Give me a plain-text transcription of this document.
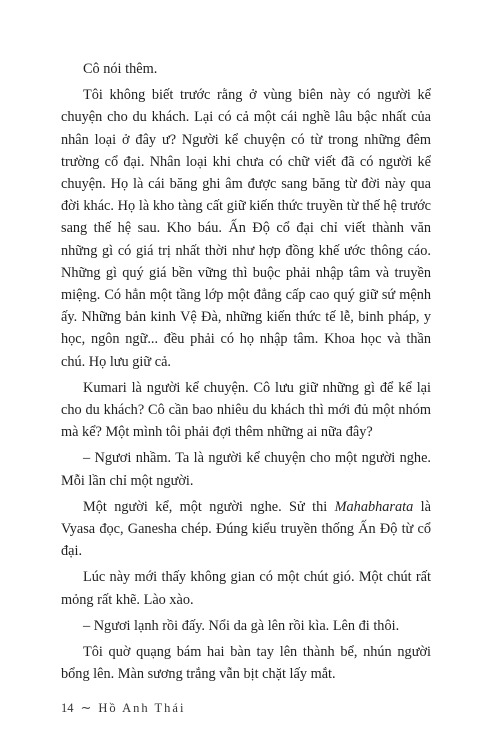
Cô nói thêm.

Tôi không biết trước rằng ở vùng biên này có người kể chuyện cho du khách. Lại có cả một cái nghề lâu bậc nhất của nhân loại ở đây ư? Người kể chuyện có từ trong những đêm trường cổ đại. Nhân loại khi chưa có chữ viết đã có người kể chuyện. Họ là cái băng ghi âm được sang băng từ đời này qua đời khác. Họ là kho tàng cất giữ kiến thức truyền từ thế hệ trước sang thế hệ sau. Kho báu. Ấn Độ cổ đại chỉ viết thành văn những gì có giá trị nhất thời như hợp đồng khế ước thông cáo. Những gì quý giá bền vững thì buộc phải nhập tâm và truyền miệng. Có hẳn một tầng lớp một đẳng cấp cao quý giữ sứ mệnh ấy. Những bản kinh Vệ Đà, những kiến thức tế lễ, binh pháp, y học, ngôn ngữ... đều phải có họ nhập tâm. Khoa học và thần chú. Họ lưu giữ cả.

Kumari là người kể chuyện. Cô lưu giữ những gì để kể lại cho du khách? Cô cần bao nhiêu du khách thì mới đủ một nhóm mà kể? Một mình tôi phải đợi thêm những ai nữa đây?

– Ngươi nhầm. Ta là người kể chuyện cho một người nghe. Mỗi lần chỉ một người.

Một người kể, một người nghe. Sử thi Mahabharata là Vyasa đọc, Ganesha chép. Đúng kiểu truyền thống Ấn Độ từ cổ đại.

Lúc này mới thấy không gian có một chút gió. Một chút rất mỏng rất khẽ. Lào xào.

– Ngươi lạnh rồi đấy. Nổi da gà lên rồi kìa. Lên đi thôi.

Tôi quờ quạng bám hai bàn tay lên thành bể, nhún người bổng lên. Màn sương trắng vẫn bịt chặt lấy mắt.

14 ∼ Hồ Anh Thái
